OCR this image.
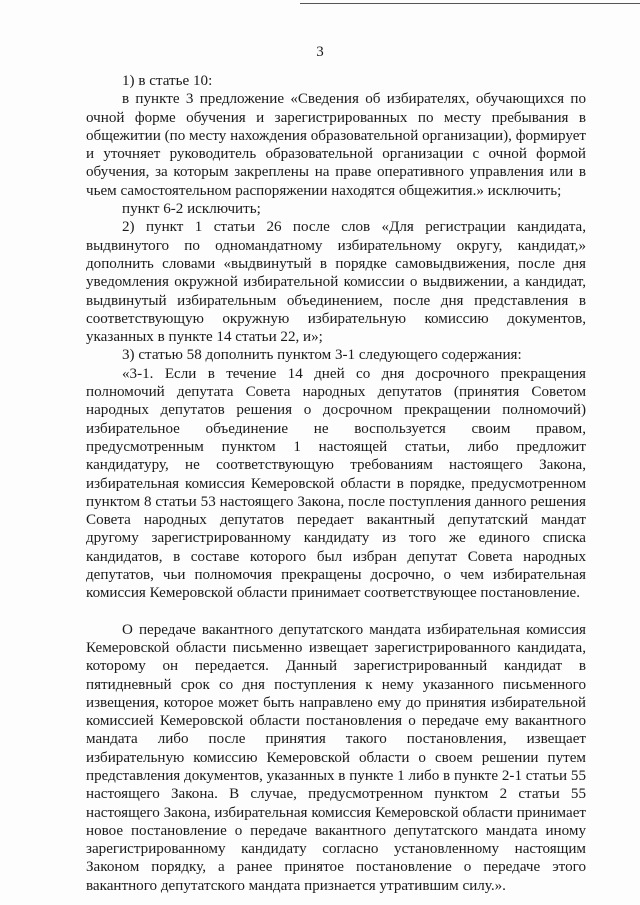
3

1) в статье 10:

в пункте 3 предложение «Сведения об избирателях, обучающихся по очной форме обучения и зарегистрированных по месту пребывания в общежитии (по месту нахождения образовательной организации), формирует и уточняет руководитель образовательной организации с очной формой обучения, за которым закреплены на праве оперативного управления или в чьем самостоятельном распоряжении находятся общежития.» исключить;

пункт 6-2 исключить;

2) пункт 1 статьи 26 после слов «Для регистрации кандидата, выдвинутого по одномандатному избирательному округу, кандидат,» дополнить словами «выдвинутый в порядке самовыдвижения, после дня уведомления окружной избирательной комиссии о выдвижении, а кандидат, выдвинутый избирательным объединением, после дня представления в соответствующую окружную избирательную комиссию документов, указанных в пункте 14 статьи 22, и»;

3) статью 58 дополнить пунктом 3-1 следующего содержания:

«3-1. Если в течение 14 дней со дня досрочного прекращения полномочий депутата Совета народных депутатов (принятия Советом народных депутатов решения о досрочном прекращении полномочий) избирательное объединение не воспользуется своим правом, предусмотренным пунктом 1 настоящей статьи, либо предложит кандидатуру, не соответствующую требованиям настоящего Закона, избирательная комиссия Кемеровской области в порядке, предусмотренном пунктом 8 статьи 53 настоящего Закона, после поступления данного решения Совета народных депутатов передает вакантный депутатский мандат другому зарегистрированному кандидату из того же единого списка кандидатов, в составе которого был избран депутат Совета народных депутатов, чьи полномочия прекращены досрочно, о чем избирательная комиссия Кемеровской области принимает соответствующее постановление.

О передаче вакантного депутатского мандата избирательная комиссия Кемеровской области письменно извещает зарегистрированного кандидата, которому он передается. Данный зарегистрированный кандидат в пятидневный срок со дня поступления к нему указанного письменного извещения, которое может быть направлено ему до принятия избирательной комиссией Кемеровской области постановления о передаче ему вакантного мандата либо после принятия такого постановления, извещает избирательную комиссию Кемеровской области о своем решении путем представления документов, указанных в пункте 1 либо в пункте 2-1 статьи 55 настоящего Закона. В случае, предусмотренном пунктом 2 статьи 55 настоящего Закона, избирательная комиссия Кемеровской области принимает новое постановление о передаче вакантного депутатского мандата иному зарегистрированному кандидату согласно установленному настоящим Законом порядку, а ранее принятое постановление о передаче этого вакантного депутатского мандата признается утратившим силу.».
